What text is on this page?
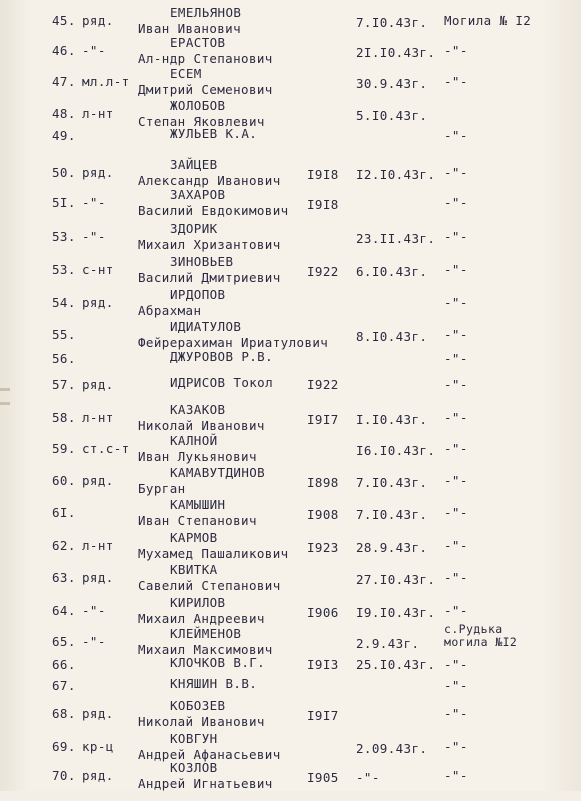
45. ряд.
ЕМЕЛЬЯНОВ
Иван Иванович	7.I0.43г. Могила № I2
46. -"-
ЕРАСТОВ
Ал-ндр Степанович	2I.I0.43г. -"-
47. мл.л-т
ЕСЕМ
Дмитрий Семенович	30.9.43г. -"-
48. л-нт
ЖОЛОБОВ
Степан Яковлевич	5.I0.43г.
49.	ЖУЛЬЕВ К.А.	-"-
50. ряд.
ЗАЙЦЕВ
Александр Иванович I9I8 I2.I0.43г. -"-
5I. -"-
ЗАХАРОВ
Василий Евдокимович I9I8	-"-
53. -"-
ЗДОРИК
Михаил Хризантович	23.II.43г. -"-
53. с-нт
ЗИНОВЬЕВ
Василий Дмитриевич I922 6.I0.43г. -"-
54. ряд.
ИРДОПОВ
Абрахман
-"-
55.
ИДИАТУЛОВ
Фейрерахиман Ириатулович 8.I0.43г. -"-
56.	ДЖУРОВОВ Р.В.	-"-
57. ряд.	ИДРИСОВ Токол	I922	-"-
58. л-нт
КАЗАКОВ
Николай Иванович	I9I7 I.I0.43г. -"-
59. ст.с-т
КАЛНОЙ
Иван Лукьянович	I6.I0.43г. -"-
60. ряд.
КАМАВУТДИНОВ
Бурган	I898 7.I0.43г. -"-
6I.
КАМЫШИН
Иван Степанович	I908 7.I0.43г. -"-
62. л-нт
КАРМОВ
Мухамед Пашаликович I923 28.9.43г. -"-
63. ряд.
КВИТКА
Савелий Степанович	27.I0.43г. -"-
64. -"-
КИРИЛОВ
Михаил Андреевич	I906 I9.I0.43г. -"-
65. -"-
КЛЕЙМЕНОВ
Михаил Максимович	2.9.43г.
с.Рудька
могила №I2
66.	КЛОЧКОВ В.Г.	I9I3 25.I0.43г. -"-
67.	КНЯШИН В.В.	-"-
68. ряд.
КОБОЗЕВ
Николай Иванович	I9I7	-"-
69. кр-ц
КОВГУН
Андрей Афанасьевич	2.09.43г. -"-
70. ряд.
КОЗЛОВ
Андрей Игнатьевич	I905 -"-	-"-
